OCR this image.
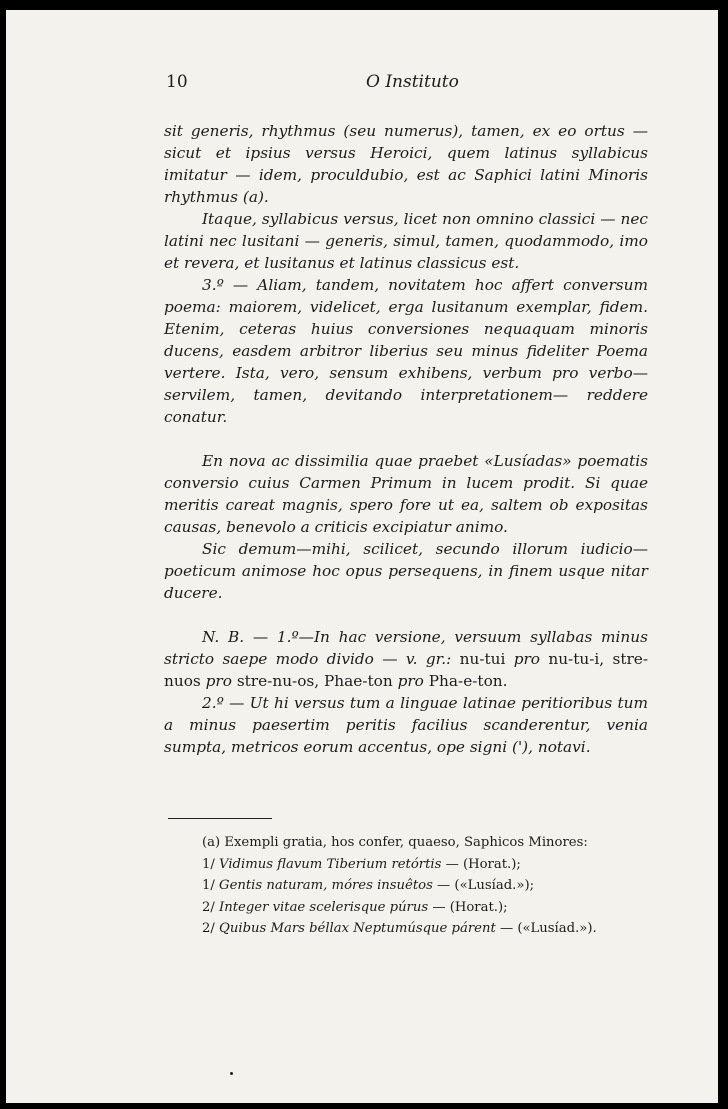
10	O Instituto

sit generis, rhythmus (seu numerus), tamen, ex eo ortus — sicut et ipsius versus Heroici, quem latinus syllabicus imitatur — idem, proculdubio, est ac Saphici latini Minoris rhythmus (a).

Itaque, syllabicus versus, licet non omnino classici — nec latini nec lusitani — generis, simul, tamen, quodammodo, imo et revera, et lusitanus et latinus classicus est.

3.º — Aliam, tandem, novitatem hoc affert conversum poema: maiorem, videlicet, erga lusitanum exemplar, fidem. Etenim, ceteras huius conversiones nequaquam minoris ducens, easdem arbitror liberius seu minus fideliter Poema vertere. Ista, vero, sensum exhibens, verbum pro verbo—servilem, tamen, devitando interpretationem— reddere conatur.

En nova ac dissimilia quae praebet «Lusíadas» poematis conversio cuius Carmen Primum in lucem prodit. Si quae meritis careat magnis, spero fore ut ea, saltem ob expositas causas, benevolo a criticis excipiatur animo.

Sic demum—mihi, scilicet, secundo illorum iudicio— poeticum animose hoc opus persequens, in finem usque nitar ducere.

N. B. — 1.º—In hac versione, versuum syllabas minus stricto saepe modo divido — v. gr.: nu-tui pro nu-tu-i, stre-nuos pro stre-nu-os, Phae-ton pro Pha-e-ton.

2.º — Ut hi versus tum a linguae latinae peritioribus tum a minus paesertim peritis facilius scanderentur, venia sumpta, metricos eorum accentus, ope signi ('), notavi.

(a) Exempli gratia, hos confer, quaeso, Saphicos Minores:
1/ Vidimus flavum Tiberium retórtis — (Horat.);
1/ Gentis naturam, móres insuêtos — («Lusíad.»);
2/ Integer vitae scelerisque púrus — (Horat.);
2/ Quibus Mars béllax Neptumúsque párent — («Lusíad.»).
